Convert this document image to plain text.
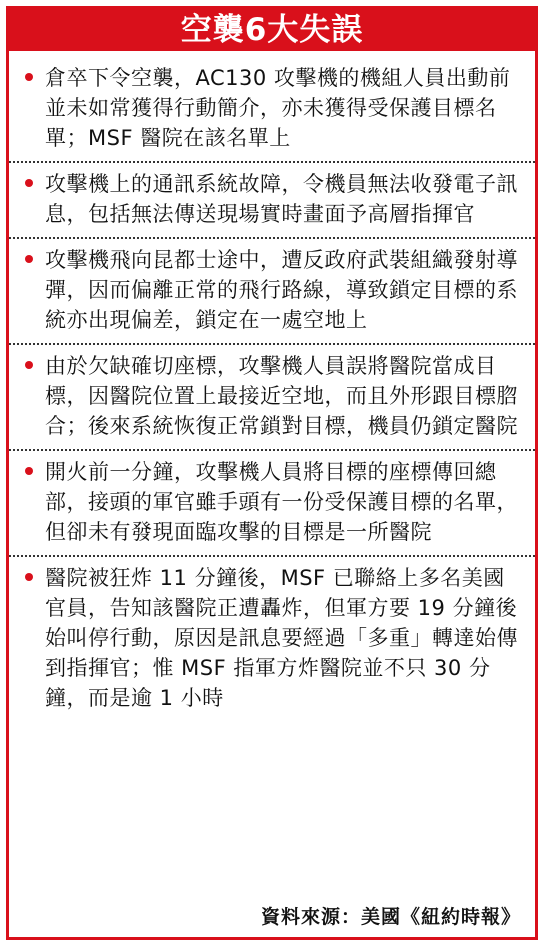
空襲6大失誤
倉卒下令空襲，AC130 攻擊機的機組人員出動前並未如常獲得行動簡介，亦未獲得受保護目標名單；MSF 醫院在該名單上
攻擊機上的通訊系統故障，令機員無法收發電子訊息，包括無法傳送現場實時畫面予高層指揮官
攻擊機飛向昆都士途中，遭反政府武裝組織發射導彈，因而偏離正常的飛行路線，導致鎖定目標的系統亦出現偏差，鎖定在一處空地上
由於欠缺確切座標，攻擊機人員誤將醫院當成目標，因醫院位置上最接近空地，而且外形跟目標脗合；後來系統恢復正常鎖對目標，機員仍鎖定醫院
開火前一分鐘，攻擊機人員將目標的座標傳回總部，接頭的軍官雖手頭有一份受保護目標的名單，但卻未有發現面臨攻擊的目標是一所醫院
醫院被狂炸 11 分鐘後，MSF 已聯絡上多名美國官員，告知該醫院正遭轟炸，但軍方要 19 分鐘後始叫停行動，原因是訊息要經過「多重」轉達始傳到指揮官；惟 MSF 指軍方炸醫院並不只 30 分鐘，而是逾 1 小時
資料來源：美國《紐約時報》
